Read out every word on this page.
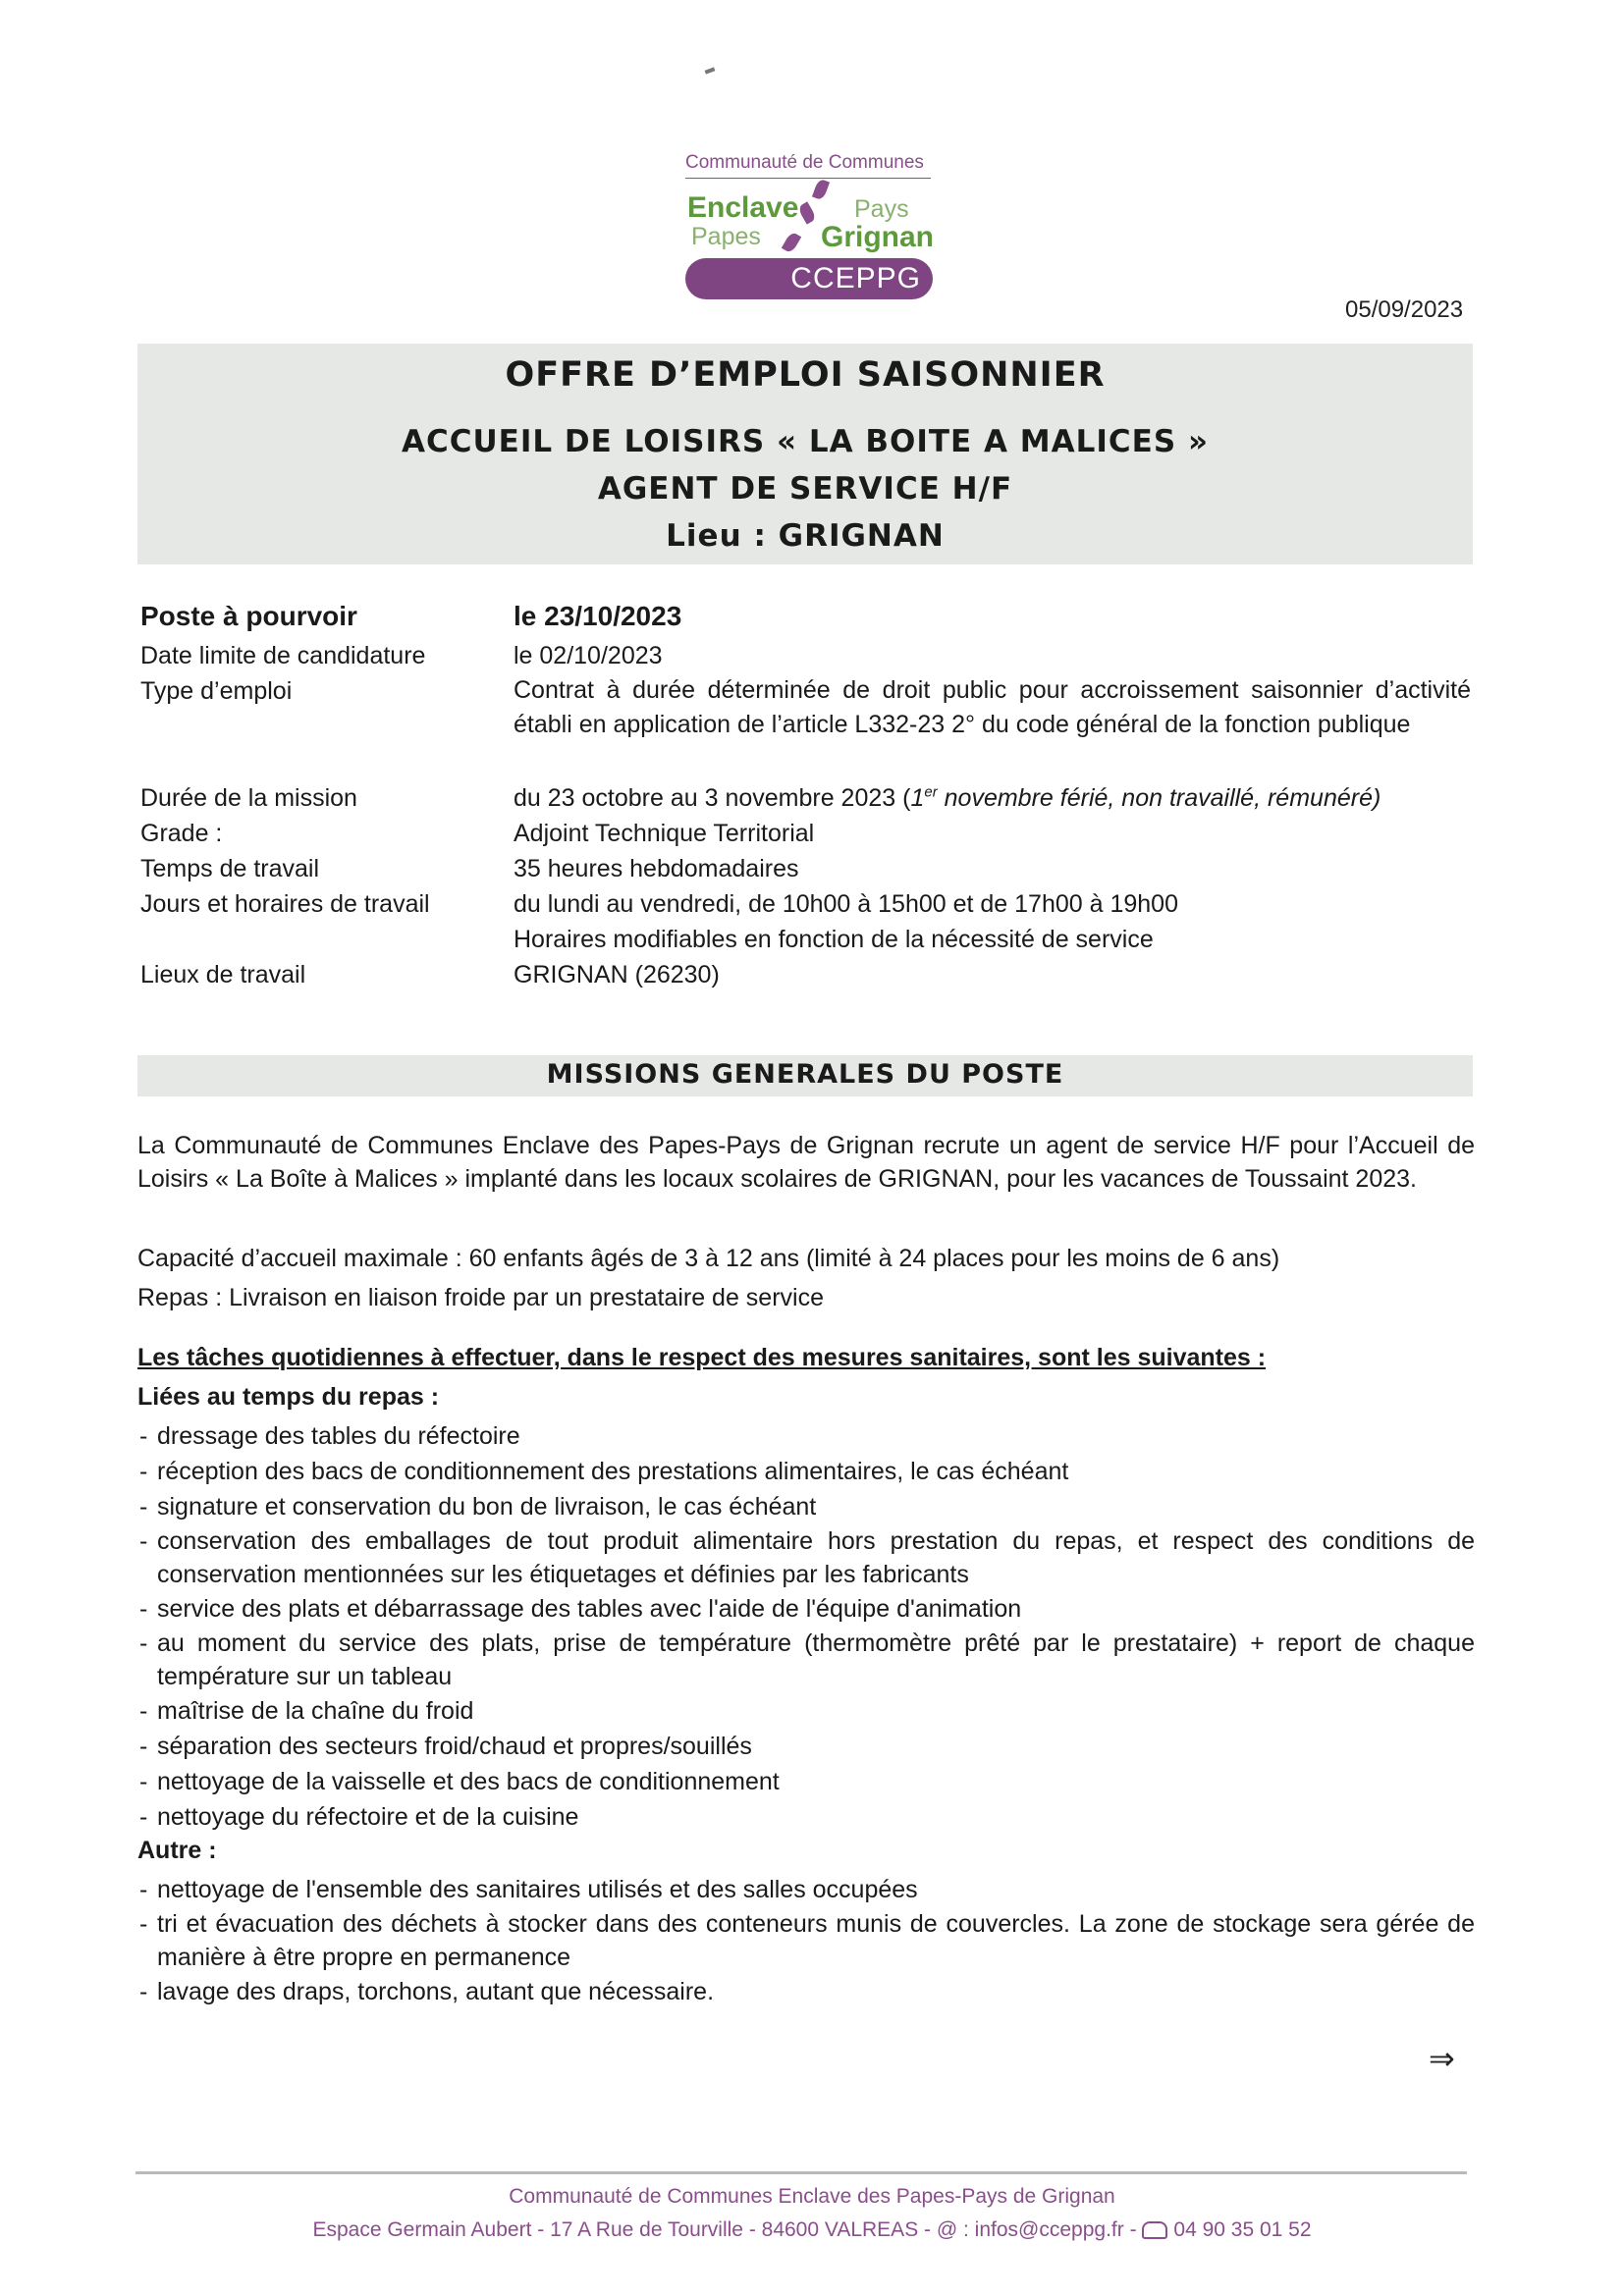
Communauté de Communes
Enclave Pays
Papes Grignan
CCEPPG
05/09/2023
OFFRE D’EMPLOI SAISONNIER
ACCUEIL DE LOISIRS « LA BOITE A MALICES »
AGENT DE SERVICE H/F
Lieu : GRIGNAN
Poste à pourvoir	le 23/10/2023
Date limite de candidature	le 02/10/2023
Type d’emploi	Contrat à durée déterminée de droit public pour accroissement saisonnier d’activité établi en application de l’article L332-23 2° du code général de la fonction publique
Durée de la mission	du 23 octobre au 3 novembre 2023 (1er novembre férié, non travaillé, rémunéré)
Grade :	Adjoint Technique Territorial
Temps de travail	35 heures hebdomadaires
Jours et horaires de travail	du lundi au vendredi, de 10h00 à 15h00 et de 17h00 à 19h00
Horaires modifiables en fonction de la nécessité de service
Lieux de travail	GRIGNAN (26230)
MISSIONS GENERALES DU POSTE
La Communauté de Communes Enclave des Papes-Pays de Grignan recrute un agent de service H/F pour l’Accueil de Loisirs « La Boîte à Malices » implanté dans les locaux scolaires de GRIGNAN, pour les vacances de Toussaint 2023.
Capacité d’accueil maximale : 60 enfants âgés de 3 à 12 ans (limité à 24 places pour les moins de 6 ans)
Repas : Livraison en liaison froide par un prestataire de service
Les tâches quotidiennes à effectuer, dans le respect des mesures sanitaires, sont les suivantes :
Liées au temps du repas :
- dressage des tables du réfectoire
- réception des bacs de conditionnement des prestations alimentaires, le cas échéant
- signature et conservation du bon de livraison, le cas échéant
- conservation des emballages de tout produit alimentaire hors prestation du repas, et respect des conditions de conservation mentionnées sur les étiquetages et définies par les fabricants
- service des plats et débarrassage des tables avec l'aide de l'équipe d'animation
- au moment du service des plats, prise de température (thermomètre prêté par le prestataire) + report de chaque température sur un tableau
- maîtrise de la chaîne du froid
- séparation des secteurs froid/chaud et propres/souillés
- nettoyage de la vaisselle et des bacs de conditionnement
- nettoyage du réfectoire et de la cuisine
Autre :
- nettoyage de l'ensemble des sanitaires utilisés et des salles occupées
- tri et évacuation des déchets à stocker dans des conteneurs munis de couvercles. La zone de stockage sera gérée de manière à être propre en permanence
- lavage des draps, torchons, autant que nécessaire.
⇒
Communauté de Communes Enclave des Papes-Pays de Grignan
Espace Germain Aubert - 17 A Rue de Tourville - 84600 VALREAS - @ : infos@cceppg.fr - 04 90 35 01 52
